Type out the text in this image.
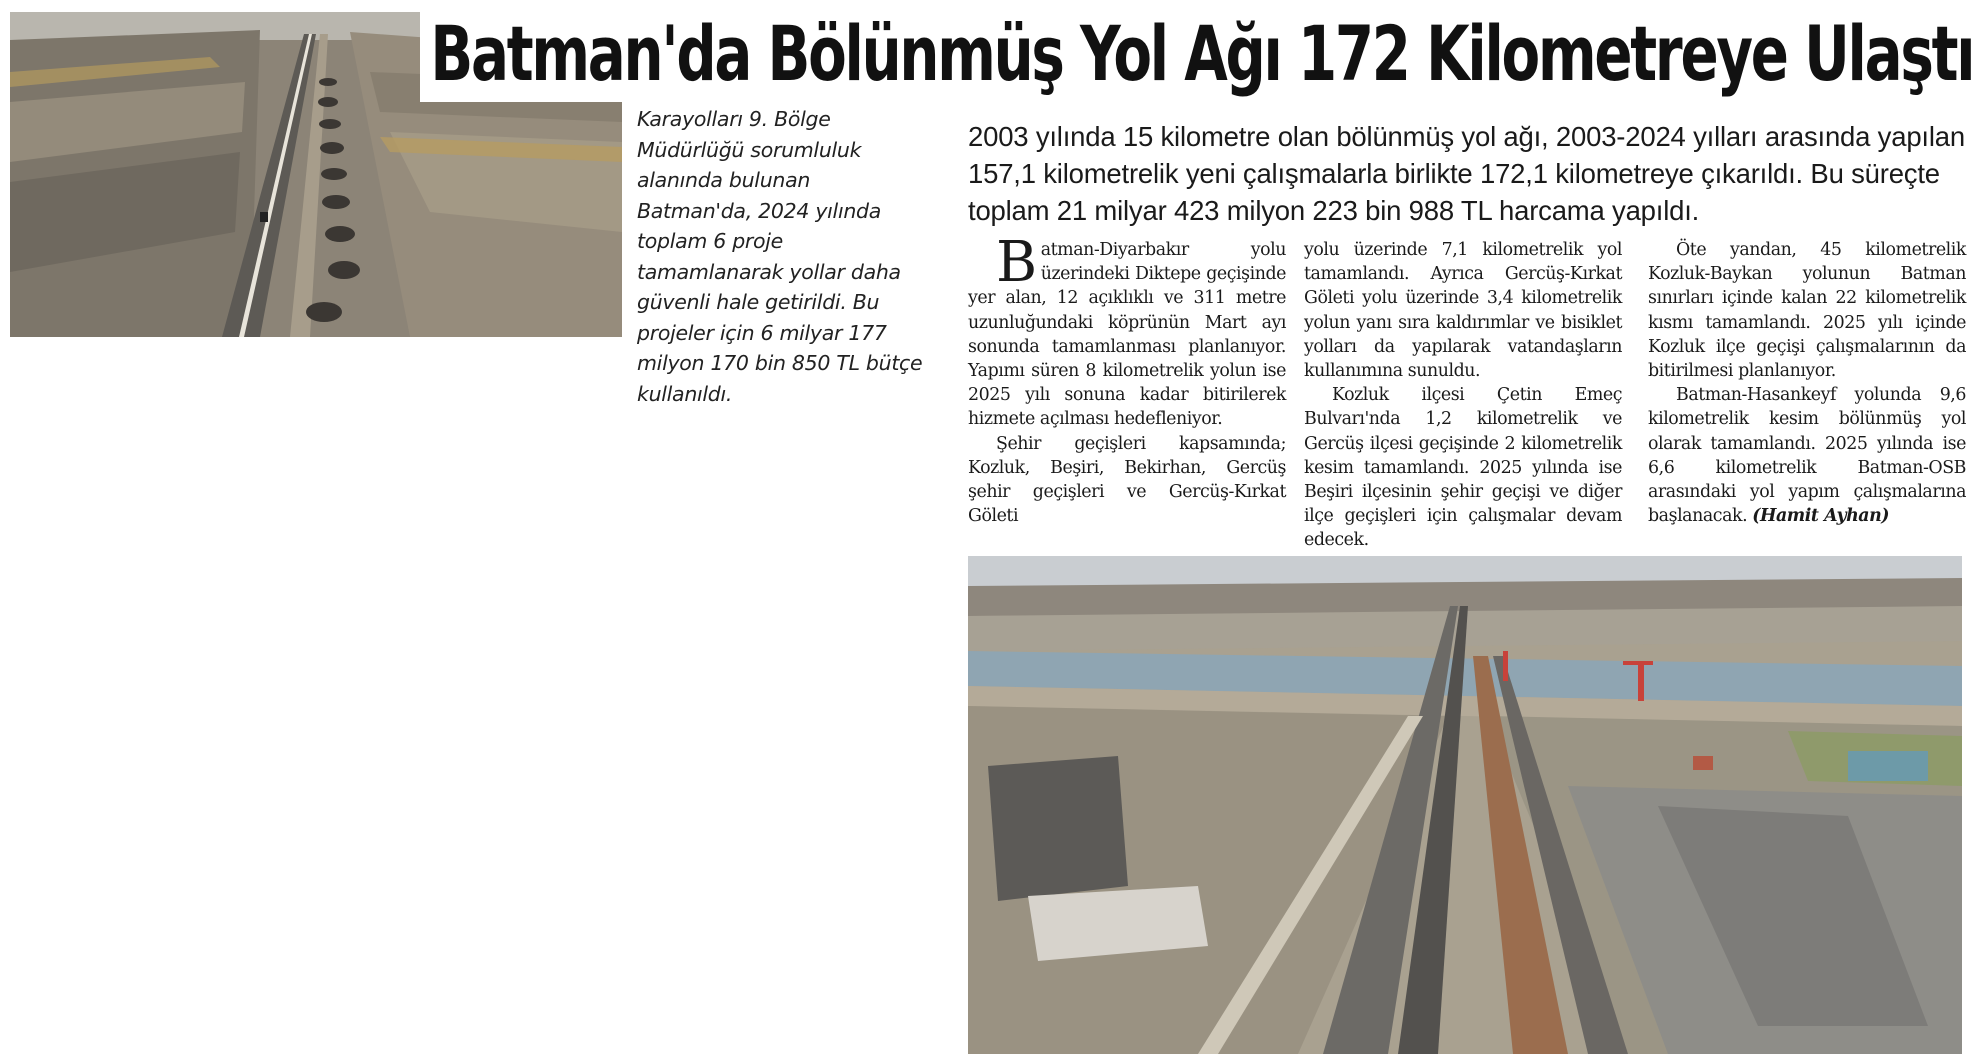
Batman'da Bölünmüş Yol Ağı 172 Kilometreye Ulaştı

Karayolları 9. Bölge Müdürlüğü sorumluluk alanında bulunan Batman'da, 2024 yılında toplam 6 proje tamamlanarak yollar daha güvenli hale getirildi. Bu projeler için 6 milyar 177 milyon 170 bin 850 TL bütçe kullanıldı.

2003 yılında 15 kilometre olan bölünmüş yol ağı, 2003-2024 yılları arasında yapılan 157,1 kilometrelik yeni çalışmalarla birlikte 172,1 kilometreye çıkarıldı. Bu süreçte toplam 21 milyar 423 milyon 223 bin 988 TL harcama yapıldı.

Batman-Diyarbakır yolu üzerindeki Diktepe geçişinde yer alan, 12 açıklıklı ve 311 metre uzunluğundaki köprünün Mart ayı sonunda tamamlanması planlanıyor. Yapımı süren 8 kilometrelik yolun ise 2025 yılı sonuna kadar bitirilerek hizmete açılması hedefleniyor.

Şehir geçişleri kapsamında; Kozluk, Beşiri, Bekirhan, Gercüş şehir geçişleri ve Gercüş-Kırkat Göleti

yolu üzerinde 7,1 kilometrelik yol tamamlandı. Ayrıca Gercüş-Kırkat Göleti yolu üzerinde 3,4 kilometrelik yolun yanı sıra kaldırımlar ve bisiklet yolları da yapılarak vatandaşların kullanımına sunuldu.

Kozluk ilçesi Çetin Emeç Bulvarı'nda 1,2 kilometrelik ve Gercüş ilçesi geçişinde 2 kilometrelik kesim tamamlandı. 2025 yılında ise Beşiri ilçesinin şehir geçişi ve diğer ilçe geçişleri için çalışmalar devam edecek.

Öte yandan, 45 kilometrelik Kozluk-Baykan yolunun Batman sınırları içinde kalan 22 kilometrelik kısmı tamamlandı. 2025 yılı içinde Kozluk ilçe geçişi çalışmalarının da bitirilmesi planlanıyor.

Batman-Hasankeyf yolunda 9,6 kilometrelik kesim bölünmüş yol olarak tamamlandı. 2025 yılında ise 6,6 kilometrelik Batman-OSB arasındaki yol yapım çalışmalarına başlanacak. (Hamit Ayhan)
